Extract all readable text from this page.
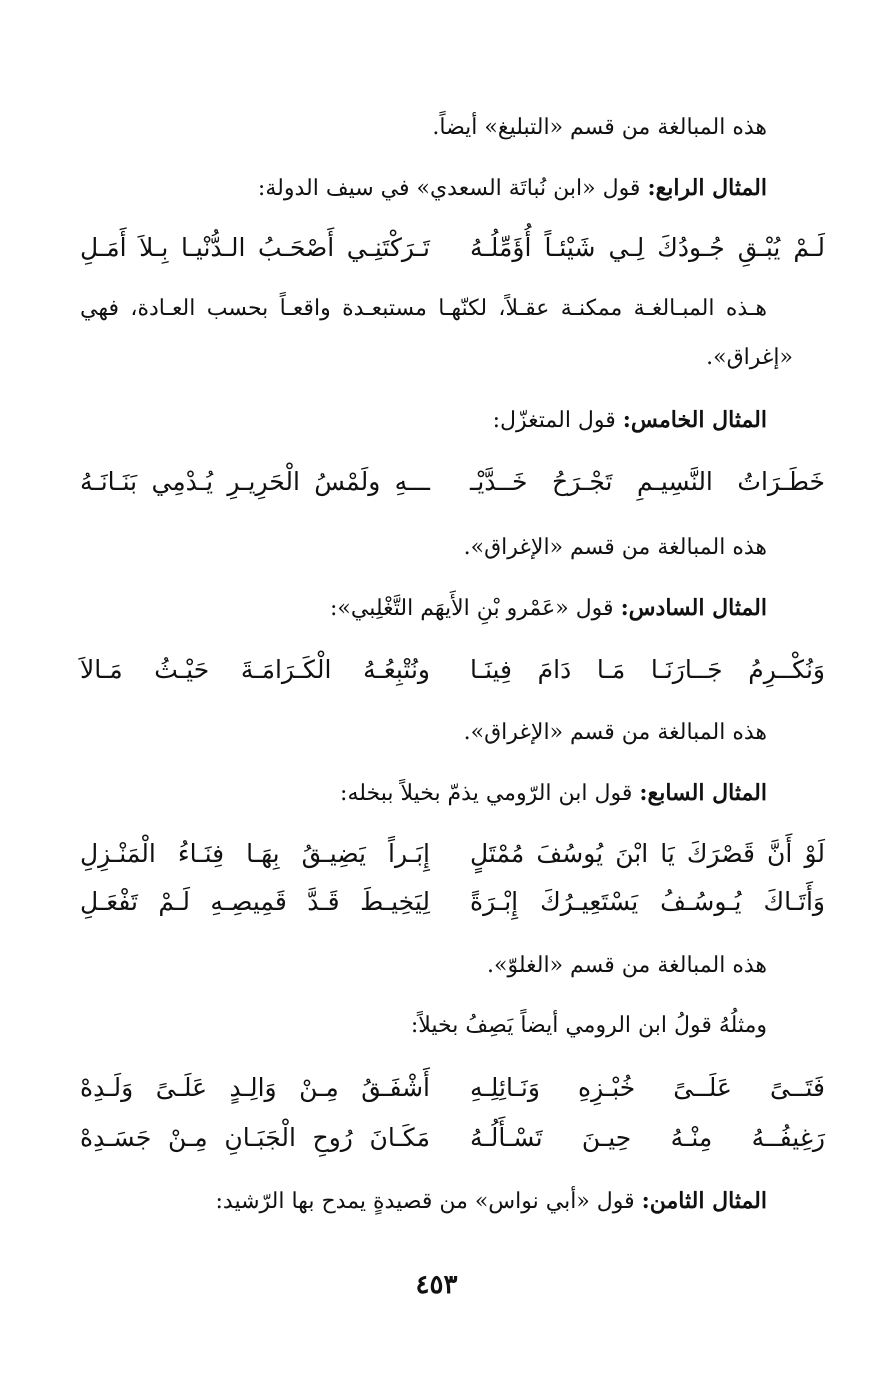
هذه المبالغة من قسم «التبليغ» أيضاً.

المثال الرابع: قول «ابن نُباتَة السعدي» في سيف الدولة:

لَـمْ يُبْـقِ جُـودُكَ لِـي شَيْئـاً أُؤَمِّلُـهُ
تَـرَكْتَنِـي أَصْحَـبُ الـدُّنْيـا بِـلاَ أَمَـلِ

هـذه المبـالغـة ممكنـة عقـلاً، لكنّهـا مستبعـدة واقعـاً بحسب العـادة، فهي

«إغراق».

المثال الخامس: قول المتغزّل:

خَطَـرَاتُ النَّسِيـمِ تَجْـرَحُ خَــدَّيْـ
ـــهِ ولَمْسُ الْحَرِيـرِ يُـدْمِي بَنَـانَـهُ

هذه المبالغة من قسم «الإغراق».

المثال السادس: قول «عَمْرو بْنِ الأَيهَم التَّغْلِبي»:

وَنُكْــرِمُ جَــارَنَـا مَـا دَامَ فِينَـا
ونُتْبِعُـهُ الْكَـرَامَـةَ حَيْـثُ مَـالاَ

هذه المبالغة من قسم «الإغراق».

المثال السابع: قول ابن الرّومي يذمّ بخيلاً ببخله:

لَوْ أَنَّ قَصْرَكَ يَا ابْنَ يُوسُفَ مُمْتَلٍ
إِبَـراً يَضِيـقُ بِهَـا فِنَـاءُ الْمَنْـزِلِ
وَأَتَـاكَ يُـوسُـفُ يَسْتَعِيـرُكَ إِبْـرَةً
لِيَخِيـطَ قَـدَّ قَمِيصِـهِ لَـمْ تَفْعَـلِ

هذه المبالغة من قسم «الغلوّ».

ومثلُهُ قولُ ابن الرومي أيضاً يَصِفُ بخيلاً:

فَتَــىً عَلَــىً خُبْـزِهِ وَنَـائِلِـهِ
أَشْفَـقُ مِـنْ وَالِـدٍ عَلَـىً وَلَـدِهْ
رَغِيفُــهُ مِنْـهُ حِيـنَ تَسْـأَلُـهُ
مَكَـانَ رُوحِ الْجَبَـانِ مِـنْ جَسَـدِهْ

المثال الثامن: قول «أبي نواس» من قصيدةٍ يمدح بها الرّشيد:

٤٥٣
